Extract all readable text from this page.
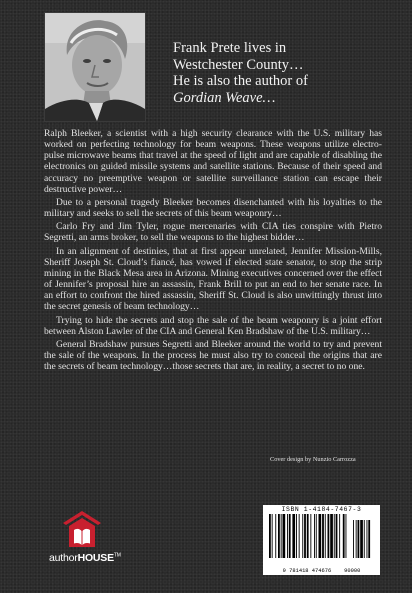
Frank Prete lives in
Westchester County…
He is also the author of
Gordian Weave…

Ralph Bleeker, a scientist with a high security clearance with the U.S. military has worked on perfecting technology for beam weapons. These weapons utilize electro-pulse microwave beams that travel at the speed of light and are capable of disabling the electronics on guided missile systems and satellite stations. Because of their speed and accuracy no preemptive weapon or satellite surveillance station can escape their destructive power…

Due to a personal tragedy Bleeker becomes disenchanted with his loyalties to the military and seeks to sell the secrets of this beam weaponry…

Carlo Fry and Jim Tyler, rogue mercenaries with CIA ties conspire with Pietro Segretti, an arms broker, to sell the weapons to the highest bidder…

In an alignment of destinies, that at first appear unrelated, Jennifer Mission-Mills, Sheriff Joseph St. Cloud’s fiancé, has vowed if elected state senator, to stop the strip mining in the Black Mesa area in Arizona. Mining executives concerned over the effect of Jennifer’s proposal hire an assassin, Frank Brill to put an end to her senate race. In an effort to confront the hired assassin, Sheriff St. Cloud is also unwittingly thrust into the secret genesis of beam technology…

Trying to hide the secrets and stop the sale of the beam weaponry is a joint effort between Alston Lawler of the CIA and General Ken Bradshaw of the U.S. military…

General Bradshaw pursues Segretti and Bleeker around the world to try and prevent the sale of the weapons. In the process he must also try to conceal the origins that are the secrets of beam technology…those secrets that are, in reality, a secret to no one.

Cover design by Nunzio Carrozza
authorHOUSE™
ISBN 1-4184-7467-3
9 781418 474676 90000
